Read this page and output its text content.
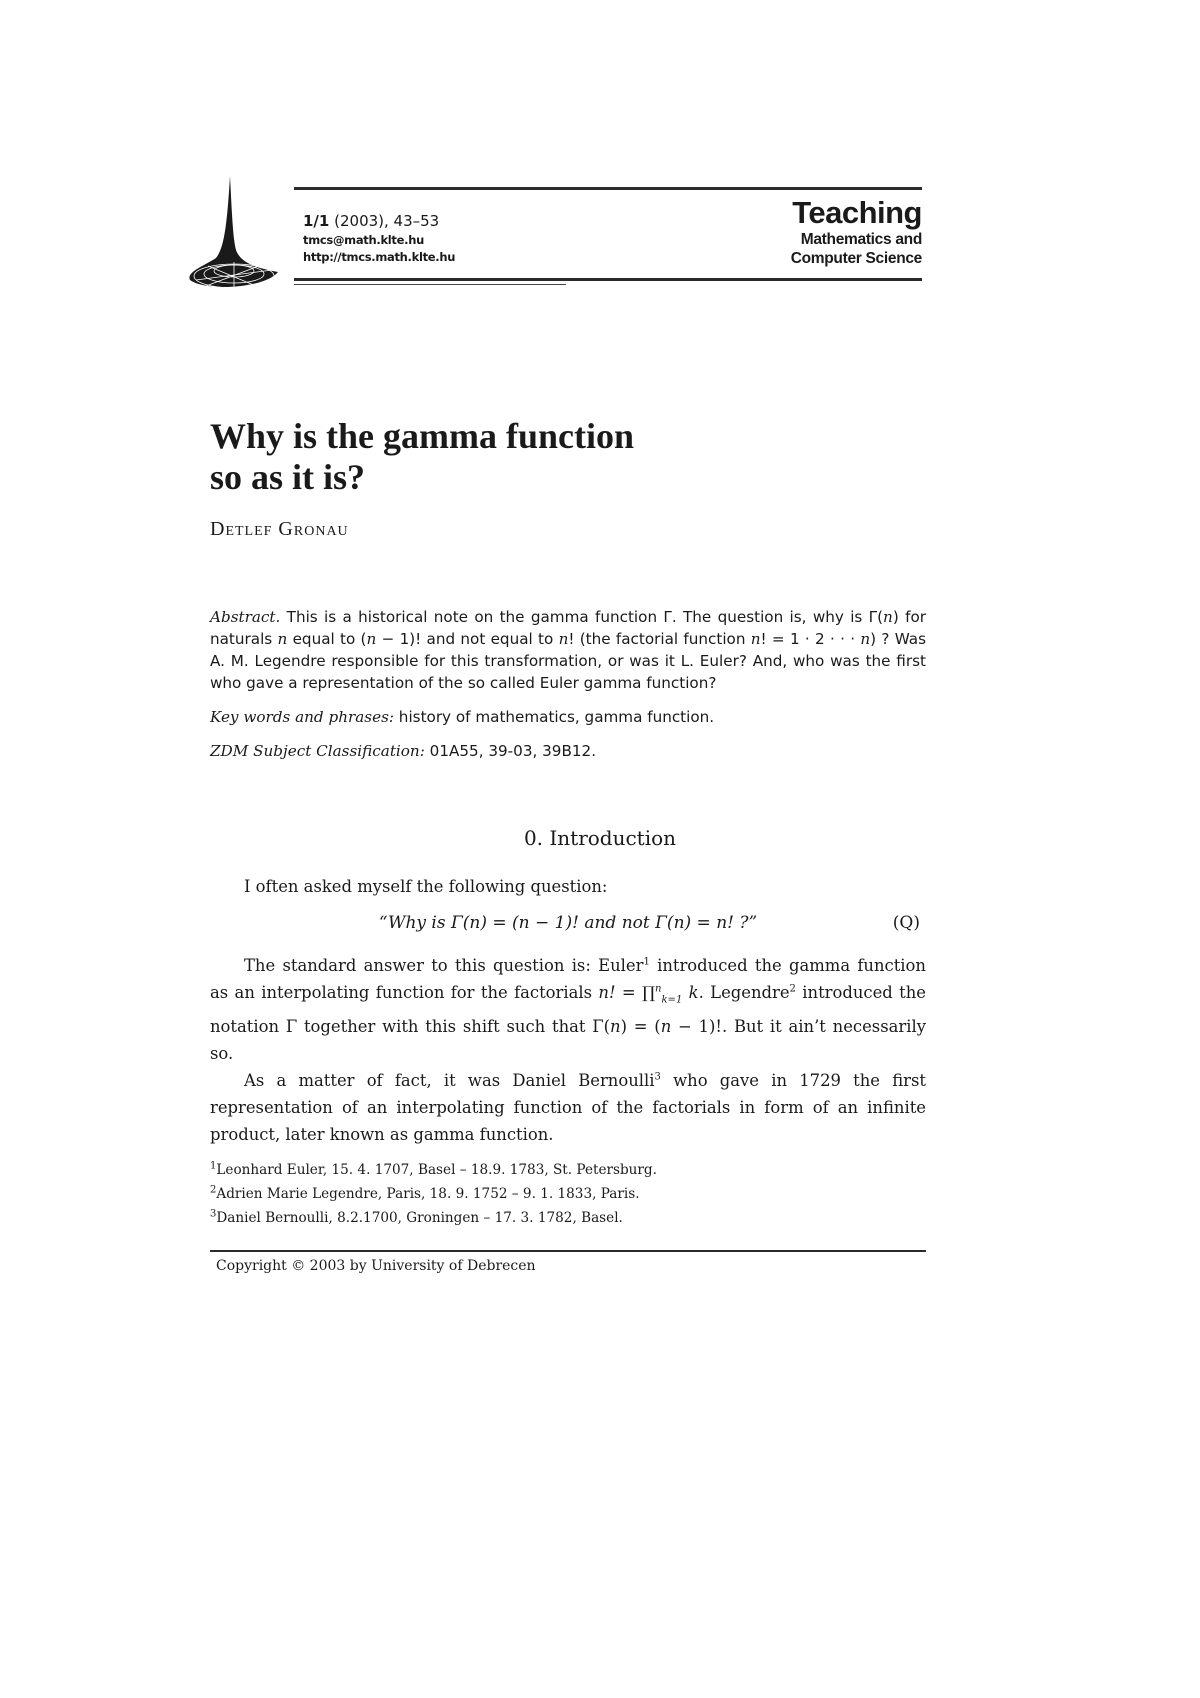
1/1 (2003), 43–53
tmcs@math.klte.hu
http://tmcs.math.klte.hu
Teaching
Mathematics and
Computer Science
Why is the gamma function
so as it is?
Detlef Gronau

Abstract. This is a historical note on the gamma function Γ. The question is, why is Γ(n) for naturals n equal to (n − 1)! and not equal to n! (the factorial function n! = 1 · 2 · · · n) ? Was A. M. Legendre responsible for this transformation, or was it L. Euler? And, who was the first who gave a representation of the so called Euler gamma function?

Key words and phrases: history of mathematics, gamma function.

ZDM Subject Classification: 01A55, 39-03, 39B12.

0. Introduction

I often asked myself the following question:

“Why is Γ(n) = (n − 1)! and not Γ(n) = n! ?”	(Q)

The standard answer to this question is: Euler$^1$ introduced the gamma function as an interpolating function for the factorials n! = ∏$^n_{k=1}$ k. Legendre$^2$ introduced the notation Γ together with this shift such that Γ(n) = (n − 1)!. But it ain’t necessarily so.

As a matter of fact, it was Daniel Bernoulli$^3$ who gave in 1729 the first representation of an interpolating function of the factorials in form of an infinite product, later known as gamma function.

$^1$Leonhard Euler, 15. 4. 1707, Basel – 18.9. 1783, St. Petersburg.
$^2$Adrien Marie Legendre, Paris, 18. 9. 1752 – 9. 1. 1833, Paris.
$^3$Daniel Bernoulli, 8.2.1700, Groningen – 17. 3. 1782, Basel.
Copyright © 2003 by University of Debrecen
